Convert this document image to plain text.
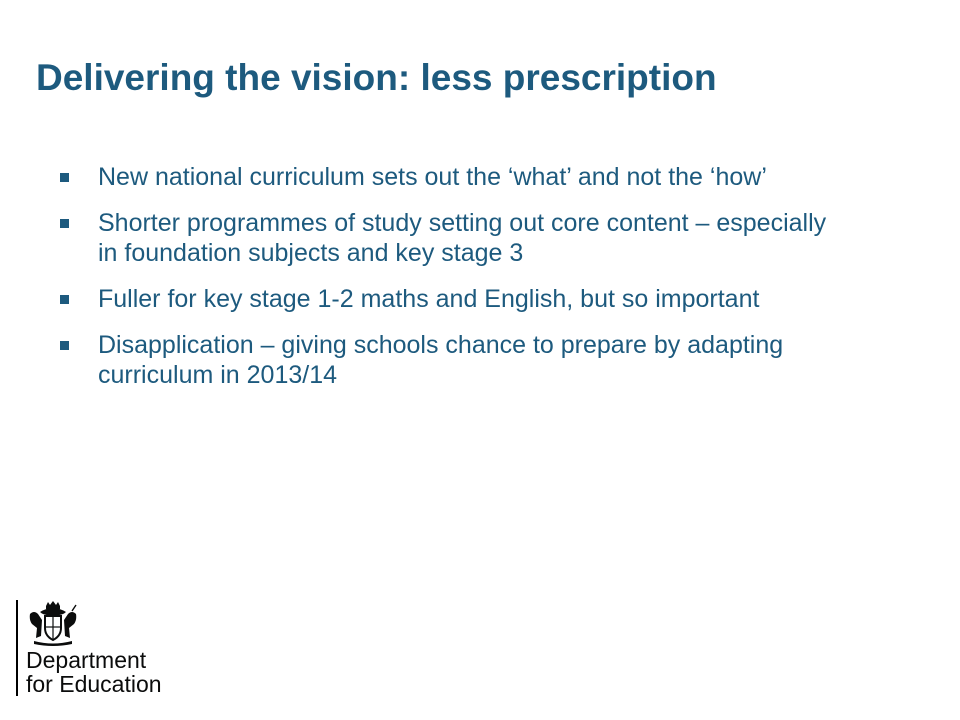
Delivering the vision: less prescription
New national curriculum sets out the ‘what’ and not the ‘how’
Shorter programmes of study setting out core content – especially in foundation subjects and key stage 3
Fuller for key stage 1-2 maths and English, but so important
Disapplication – giving schools chance to prepare by adapting curriculum in 2013/14
Department
for Education
